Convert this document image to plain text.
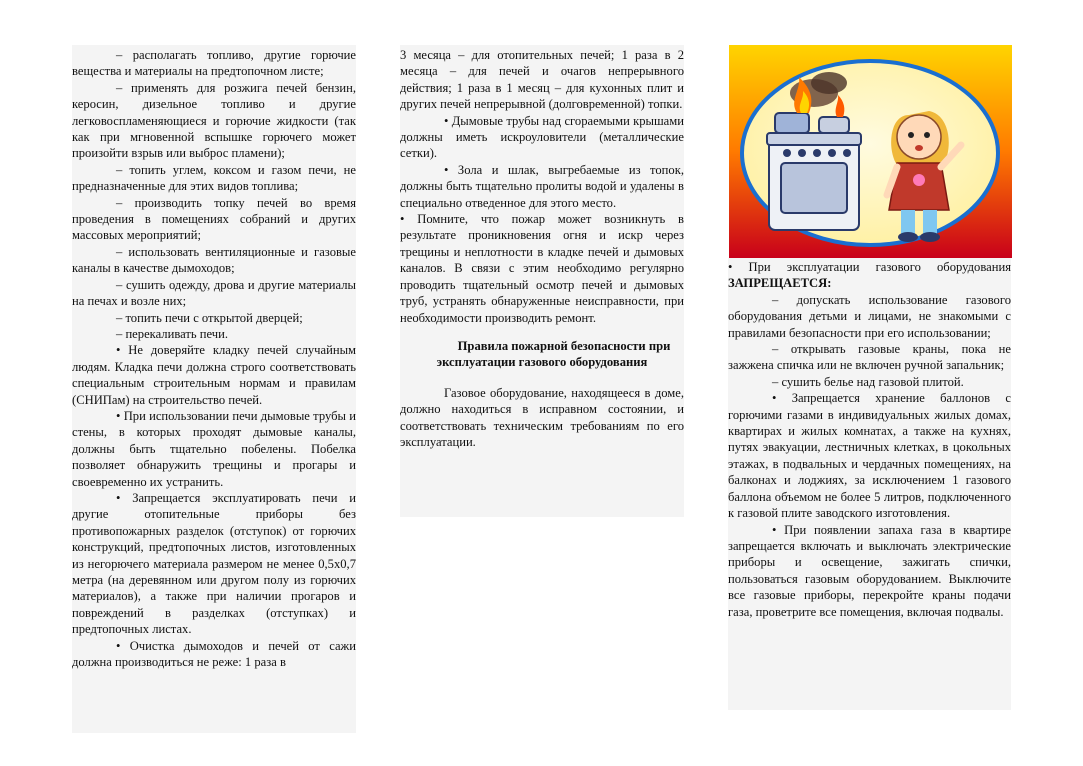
– располагать топливо, другие горючие вещества и материалы на предтопочном листе;

– применять для розжига печей бензин, керосин, дизельное топливо и другие легковоспламеняющиеся и горючие жидкости (так как при мгновенной вспышке горючего может произойти взрыв или выброс пламени);

– топить углем, коксом и газом печи, не предназначенные для этих видов топлива;

– производить топку печей во время проведения в помещениях собраний и других массовых мероприятий;

– использовать вентиляционные и газовые каналы в качестве дымоходов;

– сушить одежду, дрова и другие материалы на печах и возле них;

– топить печи с открытой дверцей;

– перекаливать печи.

• Не доверяйте кладку печей случайным людям. Кладка печи должна строго соответствовать специальным строительным нормам и правилам (СНИПам) на строительство печей.

• При использовании печи дымовые трубы и стены, в которых проходят дымовые каналы, должны быть тщательно побелены. Побелка позволяет обнаружить трещины и прогары и своевременно их устранить.

• Запрещается эксплуатировать печи и другие отопительные приборы без противопожарных разделок (отступок) от горючих конструкций, предтопочных листов, изготовленных из негорючего материала размером не менее 0,5х0,7 метра (на деревянном или другом полу из горючих материалов), а также при наличии прогаров и повреждений в разделках (отступках) и предтопочных листах.

• Очистка дымоходов и печей от сажи должна производиться не реже: 1 раза в

3 месяца – для отопительных печей; 1 раза в 2 месяца – для печей и очагов непрерывного действия; 1 раза в 1 месяц – для кухонных плит и других печей непрерывной (долговременной) топки.

• Дымовые трубы над сгораемыми крышами должны иметь искроуловители (металлические сетки).

• Зола и шлак, выгребаемые из топок, должны быть тщательно пролиты водой и удалены в специально отведенное для этого место.

• Помните, что пожар может возникнуть в результате проникновения огня и искр через трещины и неплотности в кладке печей и дымовых каналов. В связи с этим необходимо регулярно проводить тщательный осмотр печей и дымовых труб, устранять обнаруженные неисправности, при необходимости производить ремонт.

Правила пожарной безопасности при эксплуатации газового оборудования

Газовое оборудование, находящееся в доме, должно находиться в исправном состоянии, и соответствовать техническим требованиям по его эксплуатации.

• При эксплуатации газового оборудования ЗАПРЕЩАЕТСЯ:

– допускать использование газового оборудования детьми и лицами, не знакомыми с правилами безопасности при его использовании;

– открывать газовые краны, пока не зажжена спичка или не включен ручной запальник;

– сушить белье над газовой плитой.

• Запрещается хранение баллонов с горючими газами в индивидуальных жилых домах, квартирах и жилых комнатах, а также на кухнях, путях эвакуации, лестничных клетках, в цокольных этажах, в подвальных и чердачных помещениях, на балконах и лоджиях, за исключением 1 газового баллона объемом не более 5 литров, подключенного к газовой плите заводского изготовления.

• При появлении запаха газа в квартире запрещается включать и выключать электрические приборы и освещение, зажигать спички, пользоваться газовым оборудованием. Выключите все газовые приборы, перекройте краны подачи газа, проветрите все помещения, включая подвалы.
